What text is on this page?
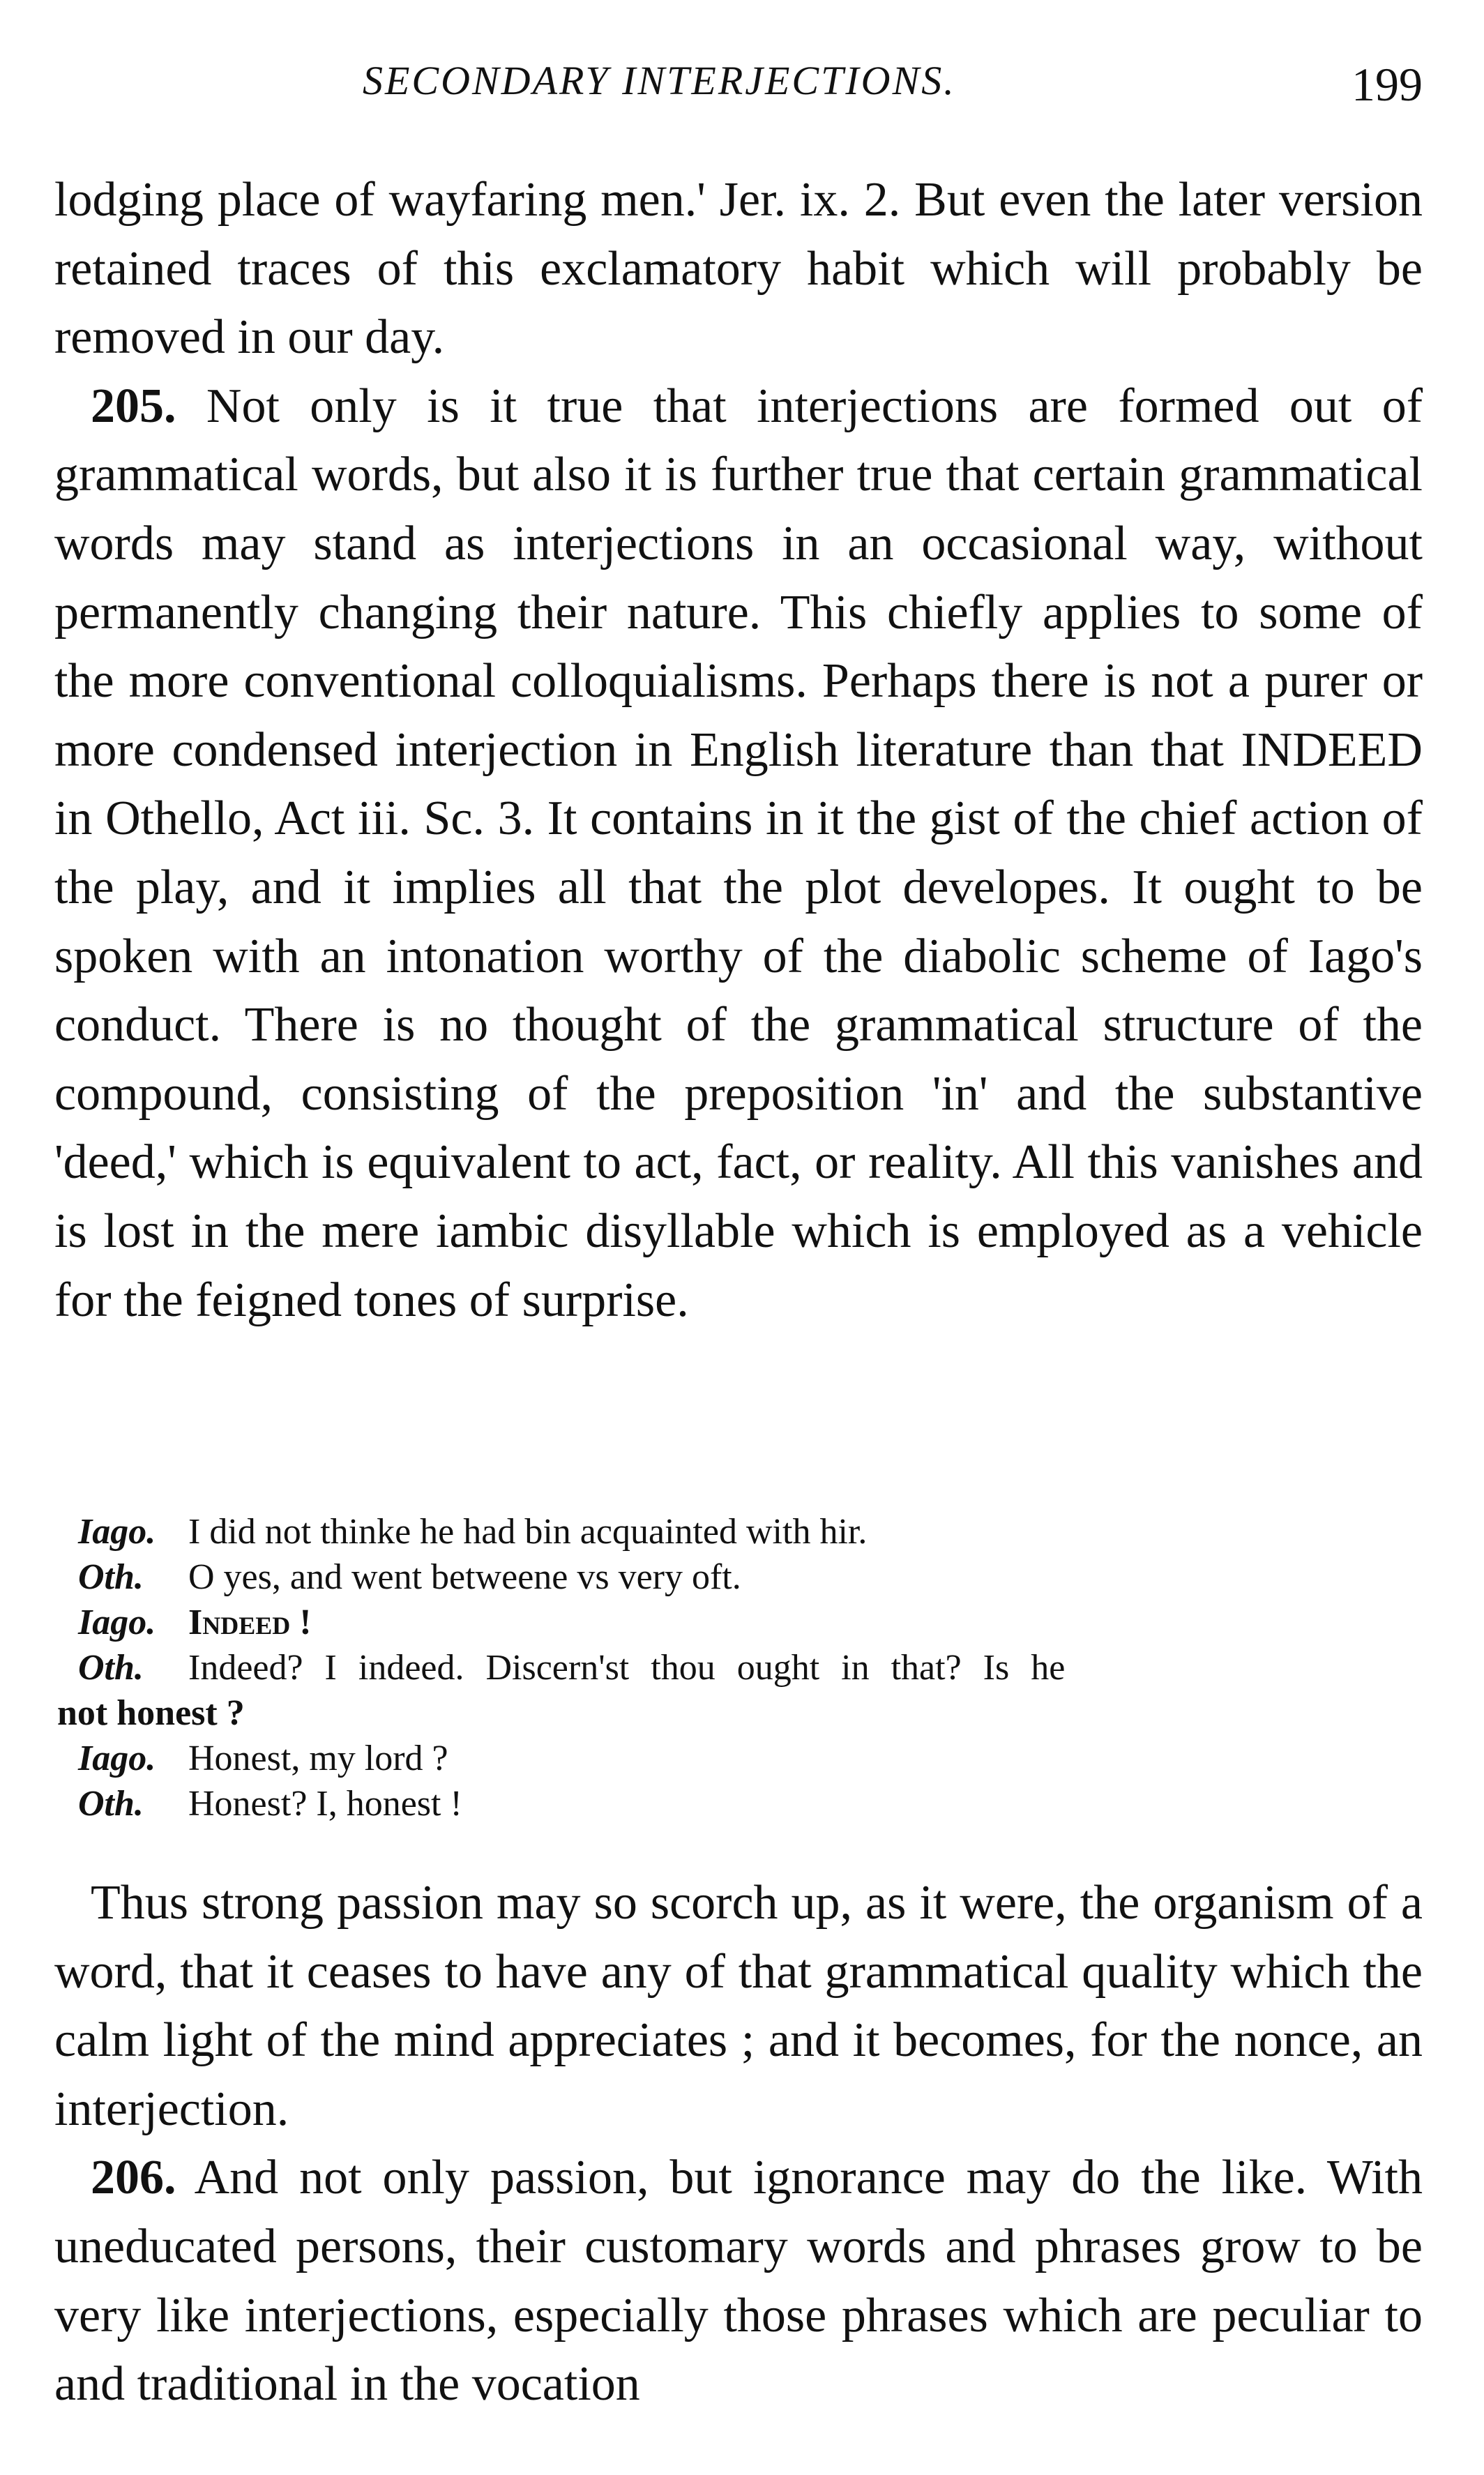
SECONDARY INTERJECTIONS.	199

lodging place of wayfaring men.' Jer. ix. 2. But even the later version retained traces of this exclamatory habit which will probably be removed in our day.

205. Not only is it true that interjections are formed out of grammatical words, but also it is further true that certain grammatical words may stand as interjections in an occasional way, without permanently changing their nature. This chiefly applies to some of the more conventional colloquialisms. Perhaps there is not a purer or more condensed interjection in English literature than that INDEED in Othello, Act iii. Sc. 3. It contains in it the gist of the chief action of the play, and it implies all that the plot developes. It ought to be spoken with an intonation worthy of the diabolic scheme of Iago's conduct. There is no thought of the grammatical structure of the compound, consisting of the preposition 'in' and the substantive 'deed,' which is equivalent to act, fact, or reality. All this vanishes and is lost in the mere iambic disyllable which is employed as a vehicle for the feigned tones of surprise.

Iago. I did not thinke he had bin acquainted with hir.
Oth.	O yes, and went betweene vs very oft.
Iago. Indeed !
Oth.	Indeed? I indeed. Discern'st thou ought in that? Is he
not honest ?
Iago. Honest, my lord ?
Oth.	Honest? I, honest !

Thus strong passion may so scorch up, as it were, the organism of a word, that it ceases to have any of that grammatical quality which the calm light of the mind appreciates ; and it becomes, for the nonce, an interjection.

206. And not only passion, but ignorance may do the like. With uneducated persons, their customary words and phrases grow to be very like interjections, especially those phrases which are peculiar to and traditional in the vocation
